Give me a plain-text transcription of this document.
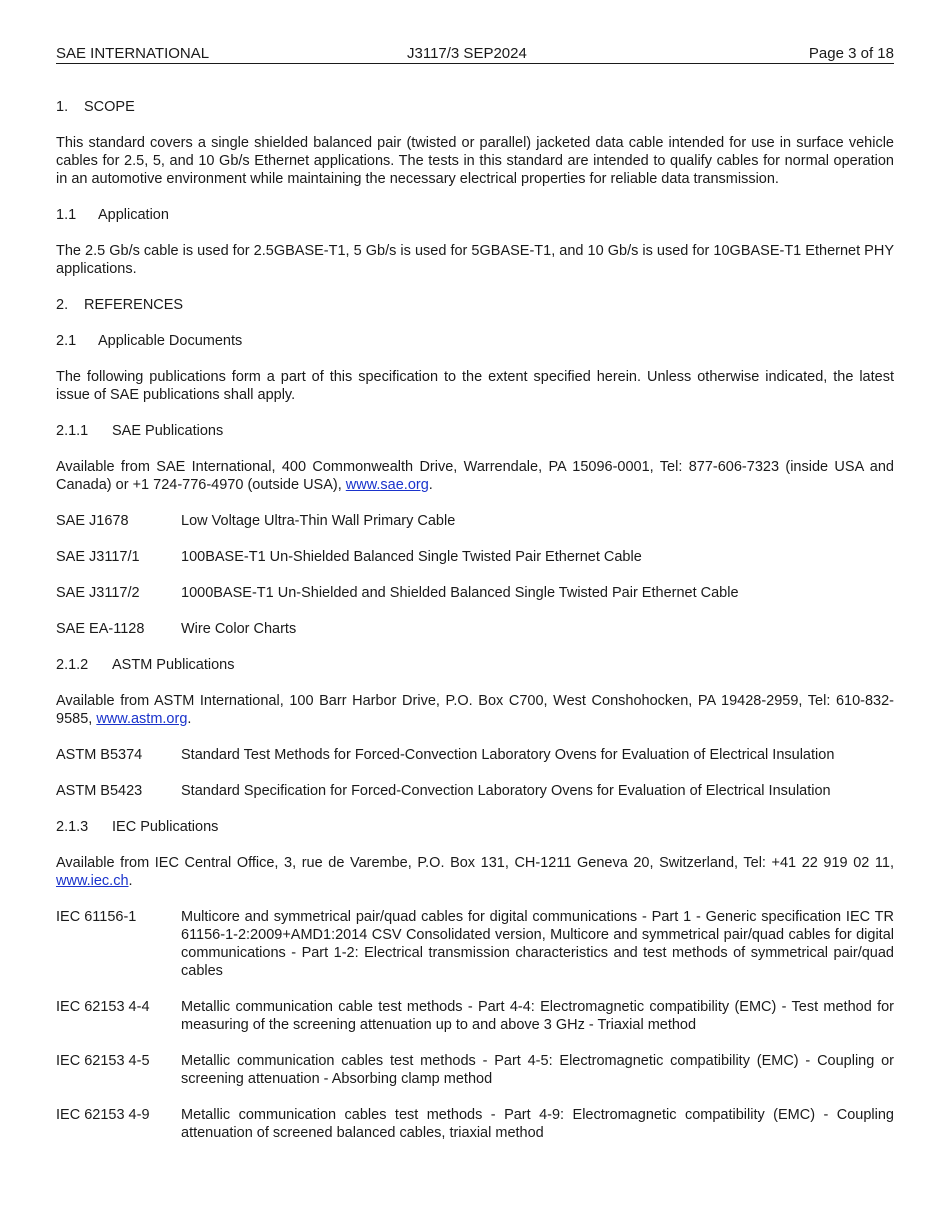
SAE INTERNATIONAL	J3117/3 SEP2024	Page 3 of 18
1.	SCOPE

This standard covers a single shielded balanced pair (twisted or parallel) jacketed data cable intended for use in surface vehicle cables for 2.5, 5, and 10 Gb/s Ethernet applications. The tests in this standard are intended to qualify cables for normal operation in an automotive environment while maintaining the necessary electrical properties for reliable data transmission.

1.1	Application

The 2.5 Gb/s cable is used for 2.5GBASE-T1, 5 Gb/s is used for 5GBASE-T1, and 10 Gb/s is used for 10GBASE-T1 Ethernet PHY applications.

2.	REFERENCES
2.1	Applicable Documents

The following publications form a part of this specification to the extent specified herein. Unless otherwise indicated, the latest issue of SAE publications shall apply.

2.1.1	SAE Publications

Available from SAE International, 400 Commonwealth Drive, Warrendale, PA 15096-0001, Tel: 877-606-7323 (inside USA and Canada) or +1 724-776-4970 (outside USA), www.sae.org.

SAE J1678	Low Voltage Ultra-Thin Wall Primary Cable
SAE J3117/1	100BASE-T1 Un-Shielded Balanced Single Twisted Pair Ethernet Cable
SAE J3117/2	1000BASE-T1 Un-Shielded and Shielded Balanced Single Twisted Pair Ethernet Cable
SAE EA-1128	Wire Color Charts
2.1.2	ASTM Publications

Available from ASTM International, 100 Barr Harbor Drive, P.O. Box C700, West Conshohocken, PA 19428-2959, Tel: 610-832-9585, www.astm.org.

ASTM B5374	Standard Test Methods for Forced-Convection Laboratory Ovens for Evaluation of Electrical Insulation
ASTM B5423	Standard Specification for Forced-Convection Laboratory Ovens for Evaluation of Electrical Insulation
2.1.3	IEC Publications

Available from IEC Central Office, 3, rue de Varembe, P.O. Box 131, CH-1211 Geneva 20, Switzerland, Tel: +41 22 919 02 11, www.iec.ch.

IEC 61156-1	Multicore and symmetrical pair/quad cables for digital communications - Part 1 - Generic specification IEC TR 61156-1-2:2009+AMD1:2014 CSV Consolidated version, Multicore and symmetrical pair/quad cables for digital communications - Part 1-2: Electrical transmission characteristics and test methods of symmetrical pair/quad cables
IEC 62153 4-4	Metallic communication cable test methods - Part 4-4: Electromagnetic compatibility (EMC) - Test method for measuring of the screening attenuation up to and above 3 GHz - Triaxial method
IEC 62153 4-5	Metallic communication cables test methods - Part 4-5: Electromagnetic compatibility (EMC) - Coupling or screening attenuation - Absorbing clamp method
IEC 62153 4-9	Metallic communication cables test methods - Part 4-9: Electromagnetic compatibility (EMC) - Coupling attenuation of screened balanced cables, triaxial method
